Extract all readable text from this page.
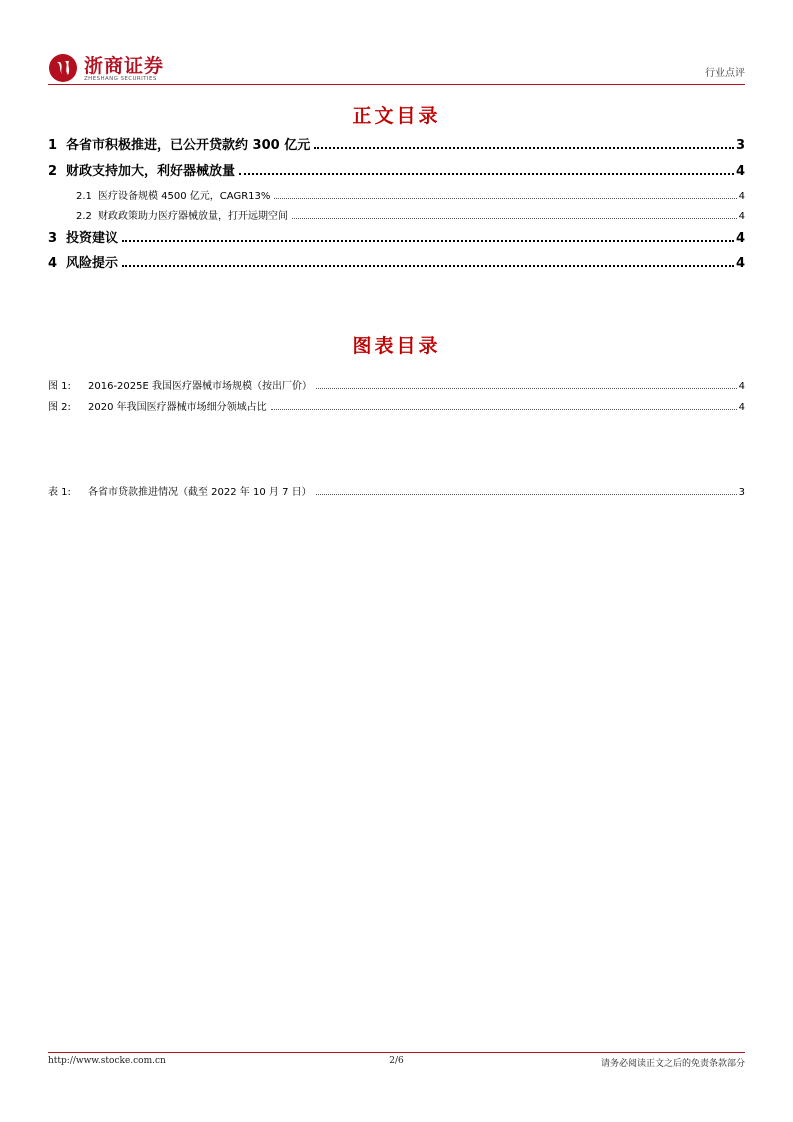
浙商证券
ZHESHANG SECURITIES	行业点评
正文目录
1 各省市积极推进，已公开贷款约 300 亿元	3
2 财政支持加大，利好器械放量	4
2.1 医疗设备规模 4500 亿元，CAGR13%	4
2.2 财政政策助力医疗器械放量，打开远期空间	4
3 投资建议	4
4 风险提示	4
图表目录
图 1:	2016-2025E 我国医疗器械市场规模（按出厂价）	4
图 2:	2020 年我国医疗器械市场细分领域占比	4
表 1:	各省市贷款推进情况（截至 2022 年 10 月 7 日）	3
http://www.stocke.com.cn	2/6	请务必阅读正文之后的免责条款部分
